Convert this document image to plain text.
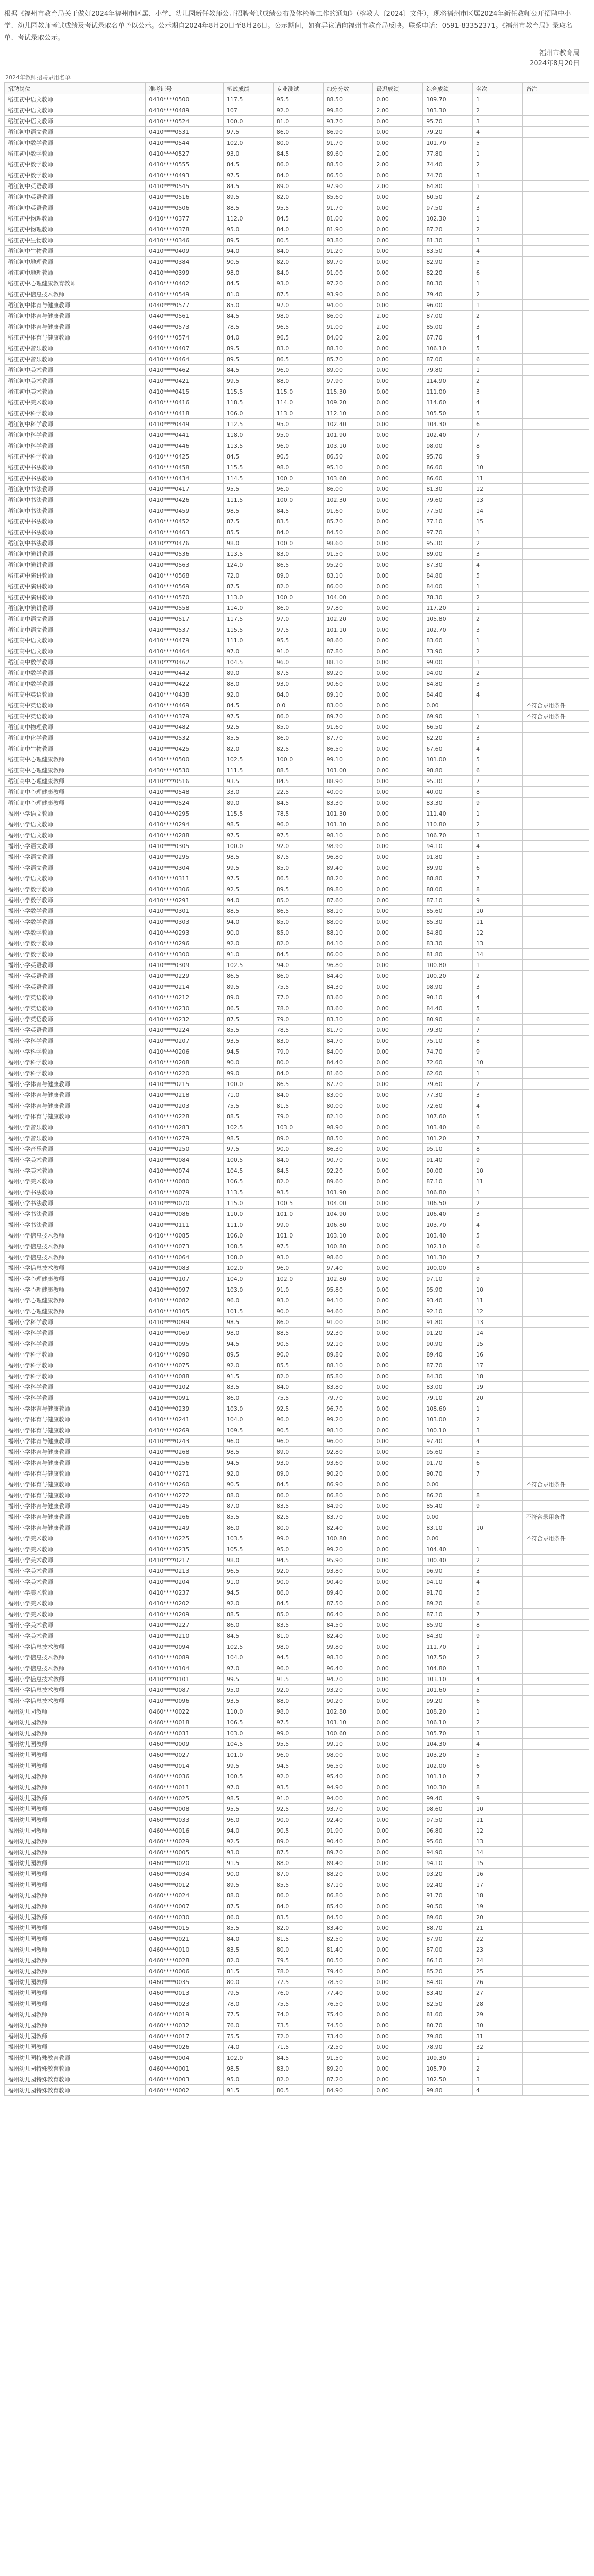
根据《福州市教育局关于做好2024年福州市区属、小学、幼儿园新任教师公开招聘考试成绩公布及体检等工作的通知》（榕教人〔2024〕文件），现将福州市区属2024年新任教师公开招聘中小学、幼儿园教师考试成绩及考试录取名单予以公示。公示期自2024年8月20日至8月26日。公示期间，如有异议请向福州市教育局反映。联系电话：0591-83352371。《福州市教育局》录取名单、考试录取公示。

福州市教育局
2024年8月20日
2024年教师招聘录用名单
招聘岗位	准考证号	笔试成绩	专业测试	加分分数	最迟成绩	综合成绩	名次	备注
稻江初中语文教师	0410****0500	117.5	95.5	88.50	0.00	109.70	1	
稻江初中语文教师	0410****0489	107	92.0	99.80	2.00	103.30	2	
稻江初中语文教师	0410****0524	100.0	81.0	93.70	0.00	95.70	3	
稻江初中语文教师	0410****0531	97.5	86.0	86.90	0.00	79.20	4	
稻江初中数学教师	0410****0544	102.0	80.0	91.70	0.00	101.70	5	
稻江初中数学教师	0410****0527	93.0	84.5	89.60	2.00	77.80	1	
稻江初中数学教师	0410****0555	84.5	86.0	88.50	2.00	74.40	2	
稻江初中数学教师	0410****0493	97.5	84.0	86.50	0.00	74.70	3	
稻江初中英语教师	0410****0545	84.5	89.0	97.90	2.00	64.80	1	
稻江初中英语教师	0410****0516	89.5	82.0	85.60	0.00	60.50	2	
稻江初中英语教师	0410****0506	88.5	95.5	91.70	0.00	97.50	3	
稻江初中物理教师	0410****0377	112.0	84.5	81.00	0.00	102.30	1	
稻江初中物理教师	0410****0378	95.0	84.0	81.90	0.00	87.20	2	
稻江初中生物教师	0410****0346	89.5	80.5	93.80	0.00	81.30	3	
稻江初中生物教师	0410****0409	94.0	84.0	91.20	0.00	83.50	4	
稻江初中地理教师	0410****0384	90.5	82.0	89.70	0.00	82.90	5	
稻江初中地理教师	0410****0399	98.0	84.0	91.00	0.00	82.20	6	
稻江初中心理健康教育教师	0410****0402	84.5	93.0	97.20	0.00	80.30	1	
稻江初中信息技术教师	0410****0549	81.0	87.5	93.90	0.00	79.40	2	
稻江初中体育与健康教师	0440****0577	85.0	97.0	94.00	0.00	96.00	1	
稻江初中体育与健康教师	0440****0561	84.5	98.0	86.00	2.00	87.00	2	
稻江初中体育与健康教师	0440****0573	78.5	96.5	91.00	2.00	85.00	3	
稻江初中体育与健康教师	0440****0574	84.0	96.5	84.00	2.00	67.70	4	
稻江初中音乐教师	0410****0407	89.5	83.0	88.30	0.00	106.10	5	
稻江初中音乐教师	0410****0464	89.5	86.5	85.70	0.00	87.00	6	
稻江初中美术教师	0410****0462	84.5	96.0	89.00	0.00	79.80	1	
稻江初中美术教师	0410****0421	99.5	88.0	97.90	0.00	114.90	2	
稻江初中美术教师	0410****0415	115.5	115.0	115.30	0.00	111.00	3	
稻江初中美术教师	0410****0416	118.5	114.0	109.20	0.00	114.60	4	
稻江初中科学教师	0410****0418	106.0	113.0	112.10	0.00	105.50	5	
稻江初中科学教师	0410****0449	112.5	95.0	102.40	0.00	104.30	6	
稻江初中科学教师	0410****0441	118.0	95.0	101.90	0.00	102.40	7	
稻江初中科学教师	0410****0446	113.5	96.0	103.10	0.00	98.00	8	
稻江初中科学教师	0410****0425	84.5	90.5	86.50	0.00	95.70	9	
稻江初中书法教师	0410****0458	115.5	98.0	95.10	0.00	86.60	10	
稻江初中书法教师	0410****0434	114.5	100.0	103.60	0.00	86.60	11	
稻江初中书法教师	0410****0417	95.5	96.0	86.00	0.00	81.30	12	
稻江初中书法教师	0410****0426	111.5	100.0	102.30	0.00	79.60	13	
稻江初中书法教师	0410****0459	98.5	84.5	91.60	0.00	77.50	14	
稻江初中书法教师	0410****0452	87.5	83.5	85.70	0.00	77.10	15	
稻江初中书法教师	0410****0463	85.5	84.0	84.50	0.00	97.70	1	
稻江初中书法教师	0410****0476	98.0	100.0	98.60	0.00	95.30	2	
稻江初中演讲教师	0410****0536	113.5	83.0	91.50	0.00	89.00	3	
稻江初中演讲教师	0410****0563	124.0	86.5	95.20	0.00	87.30	4	
稻江初中演讲教师	0410****0568	72.0	89.0	83.10	0.00	84.80	5	
稻江初中演讲教师	0410****0569	87.5	82.0	86.00	0.00	84.00	1	
稻江初中演讲教师	0410****0570	113.0	100.0	104.00	0.00	78.30	2	
稻江初中演讲教师	0410****0558	114.0	86.0	97.80	0.00	117.20	1	
稻江高中语文教师	0410****0517	117.5	97.0	102.20	0.00	105.80	2	
稻江高中语文教师	0410****0537	115.5	97.5	101.10	0.00	102.70	3	
稻江高中语文教师	0410****0479	111.0	95.5	98.60	0.00	83.60	1	
稻江高中语文教师	0410****0464	97.0	91.0	87.80	0.00	73.90	2	
稻江高中数学教师	0410****0462	104.5	96.0	88.10	0.00	99.00	1	
稻江高中数学教师	0410****0442	89.0	87.5	89.20	0.00	94.00	2	
稻江高中数学教师	0410****0422	88.0	93.0	90.60	0.00	84.80	3	
稻江高中英语教师	0410****0438	92.0	84.0	89.10	0.00	84.40	4	
稻江高中英语教师	0410****0469	84.5	0.0	83.00	0.00	0.00		不符合录用条件
稻江高中英语教师	0410****0379	97.5	86.0	89.70	0.00	69.90	1	不符合录用条件
稻江高中物理教师	0410****0482	92.5	85.0	91.60	0.00	66.50	2	
稻江高中化学教师	0410****0532	85.5	86.0	87.70	0.00	62.20	3	
稻江高中生物教师	0410****0425	82.0	82.5	86.50	0.00	67.60	4	
稻江高中心理健康教师	0430****0500	102.5	100.0	99.10	0.00	101.00	5	
稻江高中心理健康教师	0430****0530	111.5	88.5	101.00	0.00	98.80	6	
稻江高中心理健康教师	0410****0516	93.5	84.5	88.90	0.00	95.30	7	
稻江高中心理健康教师	0410****0548	33.0	22.5	40.00	0.00	40.00	8	
稻江高中心理健康教师	0410****0524	89.0	84.5	83.30	0.00	83.30	9	
福州小学语文教师	0410****0295	115.5	78.5	101.30	0.00	111.40	1	
福州小学语文教师	0410****0294	98.5	96.0	101.30	0.00	110.80	2	
福州小学语文教师	0410****0288	97.5	97.5	98.10	0.00	106.70	3	
福州小学语文教师	0410****0305	100.0	92.0	98.90	0.00	94.10	4	
福州小学语文教师	0410****0295	98.5	87.5	96.80	0.00	91.80	5	
福州小学语文教师	0410****0304	99.5	85.0	89.40	0.00	89.90	6	
福州小学语文教师	0410****0311	97.5	86.5	88.20	0.00	88.80	7	
福州小学数学教师	0410****0306	92.5	89.5	89.80	0.00	88.00	8	
福州小学数学教师	0410****0291	94.0	85.0	87.60	0.00	87.10	9	
福州小学数学教师	0410****0301	88.5	86.5	88.10	0.00	85.60	10	
福州小学数学教师	0410****0303	94.0	85.0	88.00	0.00	85.30	11	
福州小学数学教师	0410****0293	90.0	85.0	88.10	0.00	84.80	12	
福州小学数学教师	0410****0296	92.0	82.0	84.10	0.00	83.30	13	
福州小学数学教师	0410****0300	91.0	84.5	86.00	0.00	81.80	14	
福州小学英语教师	0410****0309	102.5	94.0	96.80	0.00	100.80	1	
福州小学英语教师	0410****0229	86.5	86.0	84.40	0.00	100.20	2	
福州小学英语教师	0410****0214	89.5	75.5	84.30	0.00	98.90	3	
福州小学英语教师	0410****0212	89.0	77.0	83.60	0.00	90.10	4	
福州小学英语教师	0410****0230	86.5	78.0	83.60	0.00	84.40	5	
福州小学英语教师	0410****0232	87.5	79.0	83.30	0.00	80.90	6	
福州小学英语教师	0410****0224	85.5	78.5	81.70	0.00	79.30	7	
福州小学科学教师	0410****0207	93.5	83.0	84.70	0.00	75.10	8	
福州小学科学教师	0410****0206	94.5	79.0	84.00	0.00	74.70	9	
福州小学科学教师	0410****0208	90.0	80.0	84.40	0.00	72.60	10	
福州小学科学教师	0410****0220	99.0	84.0	81.60	0.00	62.60	1	
福州小学体育与健康教师	0410****0215	100.0	86.5	87.70	0.00	79.60	2	
福州小学体育与健康教师	0410****0218	71.0	84.0	83.00	0.00	77.30	3	
福州小学体育与健康教师	0410****0203	75.5	81.5	80.00	0.00	72.60	4	
福州小学体育与健康教师	0410****0228	88.5	79.0	82.10	0.00	107.60	5	
福州小学音乐教师	0410****0283	102.5	103.0	98.90	0.00	103.40	6	
福州小学音乐教师	0410****0279	98.5	89.0	88.50	0.00	101.20	7	
福州小学音乐教师	0410****0250	97.5	90.0	86.30	0.00	95.10	8	
福州小学美术教师	0410****0084	100.5	84.0	90.70	0.00	91.40	9	
福州小学美术教师	0410****0074	104.5	84.5	92.20	0.00	90.00	10	
福州小学美术教师	0410****0080	106.5	82.0	89.60	0.00	87.10	11	
福州小学书法教师	0410****0079	113.5	93.5	101.90	0.00	106.80	1	
福州小学书法教师	0410****0070	115.0	100.5	104.00	0.00	106.50	2	
福州小学书法教师	0410****0086	110.0	101.0	104.90	0.00	106.40	3	
福州小学书法教师	0410****0111	111.0	99.0	106.80	0.00	103.70	4	
福州小学信息技术教师	0410****0085	106.0	101.0	103.10	0.00	103.40	5	
福州小学信息技术教师	0410****0073	108.5	97.5	100.80	0.00	102.10	6	
福州小学信息技术教师	0410****0064	108.0	93.0	98.60	0.00	101.30	7	
福州小学信息技术教师	0410****0083	102.0	96.0	97.40	0.00	100.00	8	
福州小学心理健康教师	0410****0107	104.0	102.0	102.80	0.00	97.10	9	
福州小学心理健康教师	0410****0097	103.0	91.0	95.80	0.00	95.90	10	
福州小学心理健康教师	0410****0082	96.0	93.0	94.10	0.00	93.40	11	
福州小学心理健康教师	0410****0105	101.5	90.0	94.60	0.00	92.10	12	
福州小学科学教师	0410****0099	98.5	86.0	91.00	0.00	91.80	13	
福州小学科学教师	0410****0069	98.0	88.5	92.30	0.00	91.20	14	
福州小学科学教师	0410****0095	94.5	90.5	92.10	0.00	90.90	15	
福州小学科学教师	0410****0090	89.5	90.0	89.80	0.00	89.40	16	
福州小学科学教师	0410****0075	92.0	85.5	88.10	0.00	87.70	17	
福州小学科学教师	0410****0088	91.5	82.0	85.80	0.00	84.30	18	
福州小学科学教师	0410****0102	83.5	84.0	83.80	0.00	83.00	19	
福州小学科学教师	0410****0091	86.0	75.5	79.70	0.00	79.10	20	
福州小学体育与健康教师	0410****0239	103.0	92.5	96.70	0.00	108.60	1	
福州小学体育与健康教师	0410****0241	104.0	96.0	99.20	0.00	103.00	2	
福州小学体育与健康教师	0410****0269	109.5	90.5	98.10	0.00	100.10	3	
福州小学体育与健康教师	0410****0243	96.0	96.0	96.00	0.00	97.40	4	
福州小学体育与健康教师	0410****0268	98.5	89.0	92.80	0.00	95.60	5	
福州小学体育与健康教师	0410****0256	94.5	93.0	93.60	0.00	91.70	6	
福州小学体育与健康教师	0410****0271	92.0	89.0	90.20	0.00	90.70	7	
福州小学体育与健康教师	0410****0260	90.5	84.5	86.90	0.00	0.00		不符合录用条件
福州小学体育与健康教师	0410****0272	88.0	86.0	86.80	0.00	86.20	8	
福州小学体育与健康教师	0410****0245	87.0	83.5	84.90	0.00	85.40	9	
福州小学体育与健康教师	0410****0266	85.5	82.5	83.70	0.00	0.00		不符合录用条件
福州小学体育与健康教师	0410****0249	86.0	80.0	82.40	0.00	83.10	10	
福州小学美术教师	0410****0225	103.5	99.0	100.80	0.00	0.00		不符合录用条件
福州小学美术教师	0410****0235	105.5	95.0	99.20	0.00	104.40	1	
福州小学美术教师	0410****0217	98.0	94.5	95.90	0.00	100.40	2	
福州小学美术教师	0410****0213	96.5	92.0	93.80	0.00	96.90	3	
福州小学美术教师	0410****0204	91.0	90.0	90.40	0.00	94.10	4	
福州小学美术教师	0410****0237	94.5	86.0	89.40	0.00	91.70	5	
福州小学美术教师	0410****0202	92.0	84.5	87.50	0.00	89.20	6	
福州小学美术教师	0410****0209	88.5	85.0	86.40	0.00	87.10	7	
福州小学美术教师	0410****0227	86.0	83.5	84.50	0.00	85.90	8	
福州小学美术教师	0410****0210	84.5	81.0	82.40	0.00	84.30	9	
福州小学信息技术教师	0410****0094	102.5	98.0	99.80	0.00	111.70	1	
福州小学信息技术教师	0410****0089	104.0	94.5	98.30	0.00	107.50	2	
福州小学信息技术教师	0410****0104	97.0	96.0	96.40	0.00	104.80	3	
福州小学信息技术教师	0410****0101	99.5	91.5	94.70	0.00	103.10	4	
福州小学信息技术教师	0410****0087	95.0	92.0	93.20	0.00	101.60	5	
福州小学信息技术教师	0410****0096	93.5	88.0	90.20	0.00	99.20	6	
福州幼儿园教师	0460****0022	110.0	98.0	102.80	0.00	108.20	1	
福州幼儿园教师	0460****0018	106.5	97.5	101.10	0.00	106.10	2	
福州幼儿园教师	0460****0031	103.0	99.0	100.60	0.00	105.70	3	
福州幼儿园教师	0460****0009	104.5	95.5	99.10	0.00	104.30	4	
福州幼儿园教师	0460****0027	101.0	96.0	98.00	0.00	103.20	5	
福州幼儿园教师	0460****0014	99.5	94.5	96.50	0.00	102.00	6	
福州幼儿园教师	0460****0036	100.5	92.0	95.40	0.00	101.10	7	
福州幼儿园教师	0460****0011	97.0	93.5	94.90	0.00	100.30	8	
福州幼儿园教师	0460****0025	98.5	91.0	94.00	0.00	99.40	9	
福州幼儿园教师	0460****0008	95.5	92.5	93.70	0.00	98.60	10	
福州幼儿园教师	0460****0033	96.0	90.0	92.40	0.00	97.50	11	
福州幼儿园教师	0460****0016	94.0	90.5	91.90	0.00	96.80	12	
福州幼儿园教师	0460****0029	92.5	89.0	90.40	0.00	95.60	13	
福州幼儿园教师	0460****0005	93.0	87.5	89.70	0.00	94.90	14	
福州幼儿园教师	0460****0020	91.5	88.0	89.40	0.00	94.10	15	
福州幼儿园教师	0460****0034	90.0	87.0	88.20	0.00	93.20	16	
福州幼儿园教师	0460****0012	89.5	85.5	87.10	0.00	92.40	17	
福州幼儿园教师	0460****0024	88.0	86.0	86.80	0.00	91.70	18	
福州幼儿园教师	0460****0007	87.5	84.0	85.40	0.00	90.50	19	
福州幼儿园教师	0460****0030	86.0	83.5	84.50	0.00	89.60	20	
福州幼儿园教师	0460****0015	85.5	82.0	83.40	0.00	88.70	21	
福州幼儿园教师	0460****0021	84.0	81.5	82.50	0.00	87.90	22	
福州幼儿园教师	0460****0010	83.5	80.0	81.40	0.00	87.00	23	
福州幼儿园教师	0460****0028	82.0	79.5	80.50	0.00	86.10	24	
福州幼儿园教师	0460****0006	81.5	78.0	79.40	0.00	85.20	25	
福州幼儿园教师	0460****0035	80.0	77.5	78.50	0.00	84.30	26	
福州幼儿园教师	0460****0013	79.5	76.0	77.40	0.00	83.40	27	
福州幼儿园教师	0460****0023	78.0	75.5	76.50	0.00	82.50	28	
福州幼儿园教师	0460****0019	77.5	74.0	75.40	0.00	81.60	29	
福州幼儿园教师	0460****0032	76.0	73.5	74.50	0.00	80.70	30	
福州幼儿园教师	0460****0017	75.5	72.0	73.40	0.00	79.80	31	
福州幼儿园教师	0460****0026	74.0	71.5	72.50	0.00	78.90	32	
福州幼儿园特殊教育教师	0460****0004	102.0	84.5	91.50	0.00	109.30	1	
福州幼儿园特殊教育教师	0460****0001	98.5	83.0	89.20	0.00	105.70	2	
福州幼儿园特殊教育教师	0460****0003	95.0	82.0	87.20	0.00	102.50	3	
福州幼儿园特殊教育教师	0460****0002	91.5	80.5	84.90	0.00	99.80	4	
